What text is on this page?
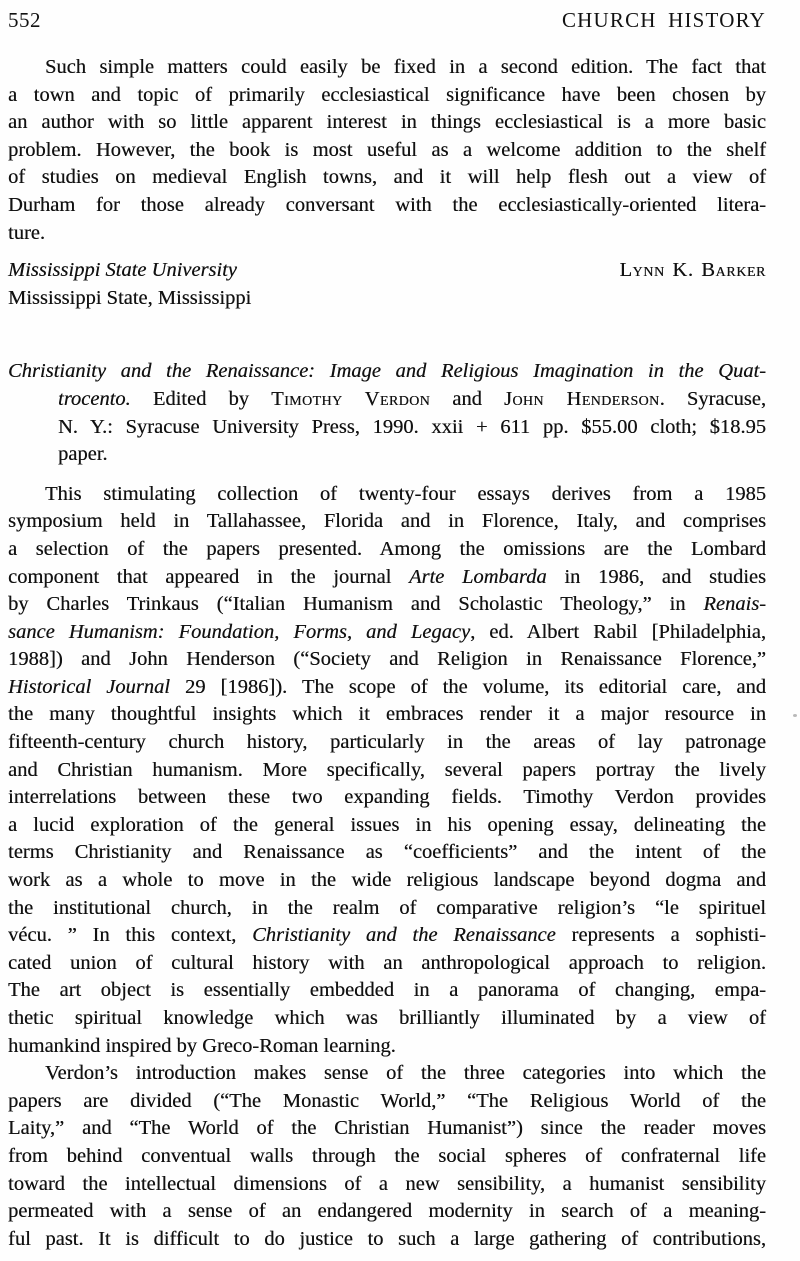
552	CHURCH HISTORY
Such simple matters could easily be fixed in a second edition. The fact that
a town and topic of primarily ecclesiastical significance have been chosen by
an author with so little apparent interest in things ecclesiastical is a more basic
problem. However, the book is most useful as a welcome addition to the shelf
of studies on medieval English towns, and it will help flesh out a view of
Durham for those already conversant with the ecclesiastically-oriented litera-
ture.
Mississippi State University
Mississippi State, Mississippi
Lynn K. Barker
Christianity and the Renaissance: Image and Religious Imagination in the Quat-
trocento. Edited by Timothy Verdon and John Henderson. Syracuse,
N. Y.: Syracuse University Press, 1990. xxii + 611 pp. $55.00 cloth; $18.95
paper.
This stimulating collection of twenty-four essays derives from a 1985
symposium held in Tallahassee, Florida and in Florence, Italy, and comprises
a selection of the papers presented. Among the omissions are the Lombard
component that appeared in the journal Arte Lombarda in 1986, and studies
by Charles Trinkaus (“Italian Humanism and Scholastic Theology,” in Renais-
sance Humanism: Foundation, Forms, and Legacy, ed. Albert Rabil [Philadelphia,
1988]) and John Henderson (“Society and Religion in Renaissance Florence,”
Historical Journal 29 [1986]). The scope of the volume, its editorial care, and
the many thoughtful insights which it embraces render it a major resource in
fifteenth-century church history, particularly in the areas of lay patronage
and Christian humanism. More specifically, several papers portray the lively
interrelations between these two expanding fields. Timothy Verdon provides
a lucid exploration of the general issues in his opening essay, delineating the
terms Christianity and Renaissance as “coefficients” and the intent of the
work as a whole to move in the wide religious landscape beyond dogma and
the institutional church, in the realm of comparative religion’s “le spirituel
vécu. ” In this context, Christianity and the Renaissance represents a sophisti-
cated union of cultural history with an anthropological approach to religion.
The art object is essentially embedded in a panorama of changing, empa-
thetic spiritual knowledge which was brilliantly illuminated by a view of
humankind inspired by Greco-Roman learning.
Verdon’s introduction makes sense of the three categories into which the
papers are divided (“The Monastic World,” “The Religious World of the
Laity,” and “The World of the Christian Humanist”) since the reader moves
from behind conventual walls through the social spheres of confraternal life
toward the intellectual dimensions of a new sensibility, a humanist sensibility
permeated with a sense of an endangered modernity in search of a meaning-
ful past. It is difficult to do justice to such a large gathering of contributions,
